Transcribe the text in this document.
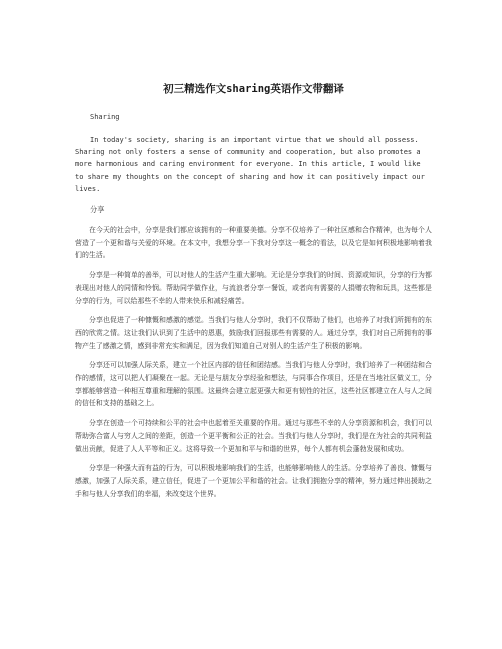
初三精选作文sharing英语作文带翻译
Sharing
In today's society, sharing is an important virtue that we should all possess. Sharing not only fosters a sense of community and cooperation, but also promotes a more harmonious and caring environment for everyone. In this article, I would like to share my thoughts on the concept of sharing and how it can positively impact our lives.
分享
在今天的社会中，分享是我们都应该拥有的一种重要美德。分享不仅培养了一种社区感和合作精神，也为每个人营造了一个更和谐与关爱的环境。在本文中，我想分享一下我对分享这一概念的看法，以及它是如何积极地影响着我们的生活。
分享是一种简单的善举，可以对他人的生活产生重大影响。无论是分享我们的时间、资源或知识，分享的行为都表现出对他人的同情和怜悯。帮助同学做作业，与流浪者分享一餐饭，或者向有需要的人捐赠衣物和玩具，这些都是分享的行为，可以给那些不幸的人带来快乐和减轻痛苦。
分享也促进了一种慷慨和感激的感觉。当我们与他人分享时，我们不仅帮助了他们，也培养了对我们所拥有的东西的欣赏之情。这让我们认识到了生活中的恩惠，鼓励我们回报那些有需要的人。通过分享，我们对自己所拥有的事物产生了感激之情，感到非常充实和满足，因为我们知道自己对别人的生活产生了积极的影响。
分享还可以加强人际关系，建立一个社区内部的信任和团结感。当我们与他人分享时，我们培养了一种团结和合作的感情，这可以把人们凝聚在一起。无论是与朋友分享经验和想法，与同事合作项目，还是在当地社区做义工，分享都能够营造一种相互尊重和理解的氛围。这最终会建立起更强大和更有韧性的社区，这些社区都建立在人与人之间的信任和支持的基础之上。
分享在创造一个可持续和公平的社会中也起着至关重要的作用。通过与那些不幸的人分享资源和机会，我们可以帮助弥合富人与穷人之间的差距，创造一个更平衡和公正的社会。当我们与他人分享时，我们是在为社会的共同利益做出贡献，促进了人人平等和正义。这将导致一个更加和平与和谐的世界，每个人都有机会蓬勃发展和成功。
分享是一种强大而有益的行为，可以积极地影响我们的生活，也能够影响他人的生活。分享培养了善良、慷慨与感激，加强了人际关系，建立信任，促进了一个更加公平和谐的社会。让我们拥抱分享的精神，努力通过伸出援助之手和与他人分享我们的幸福，来改变这个世界。
